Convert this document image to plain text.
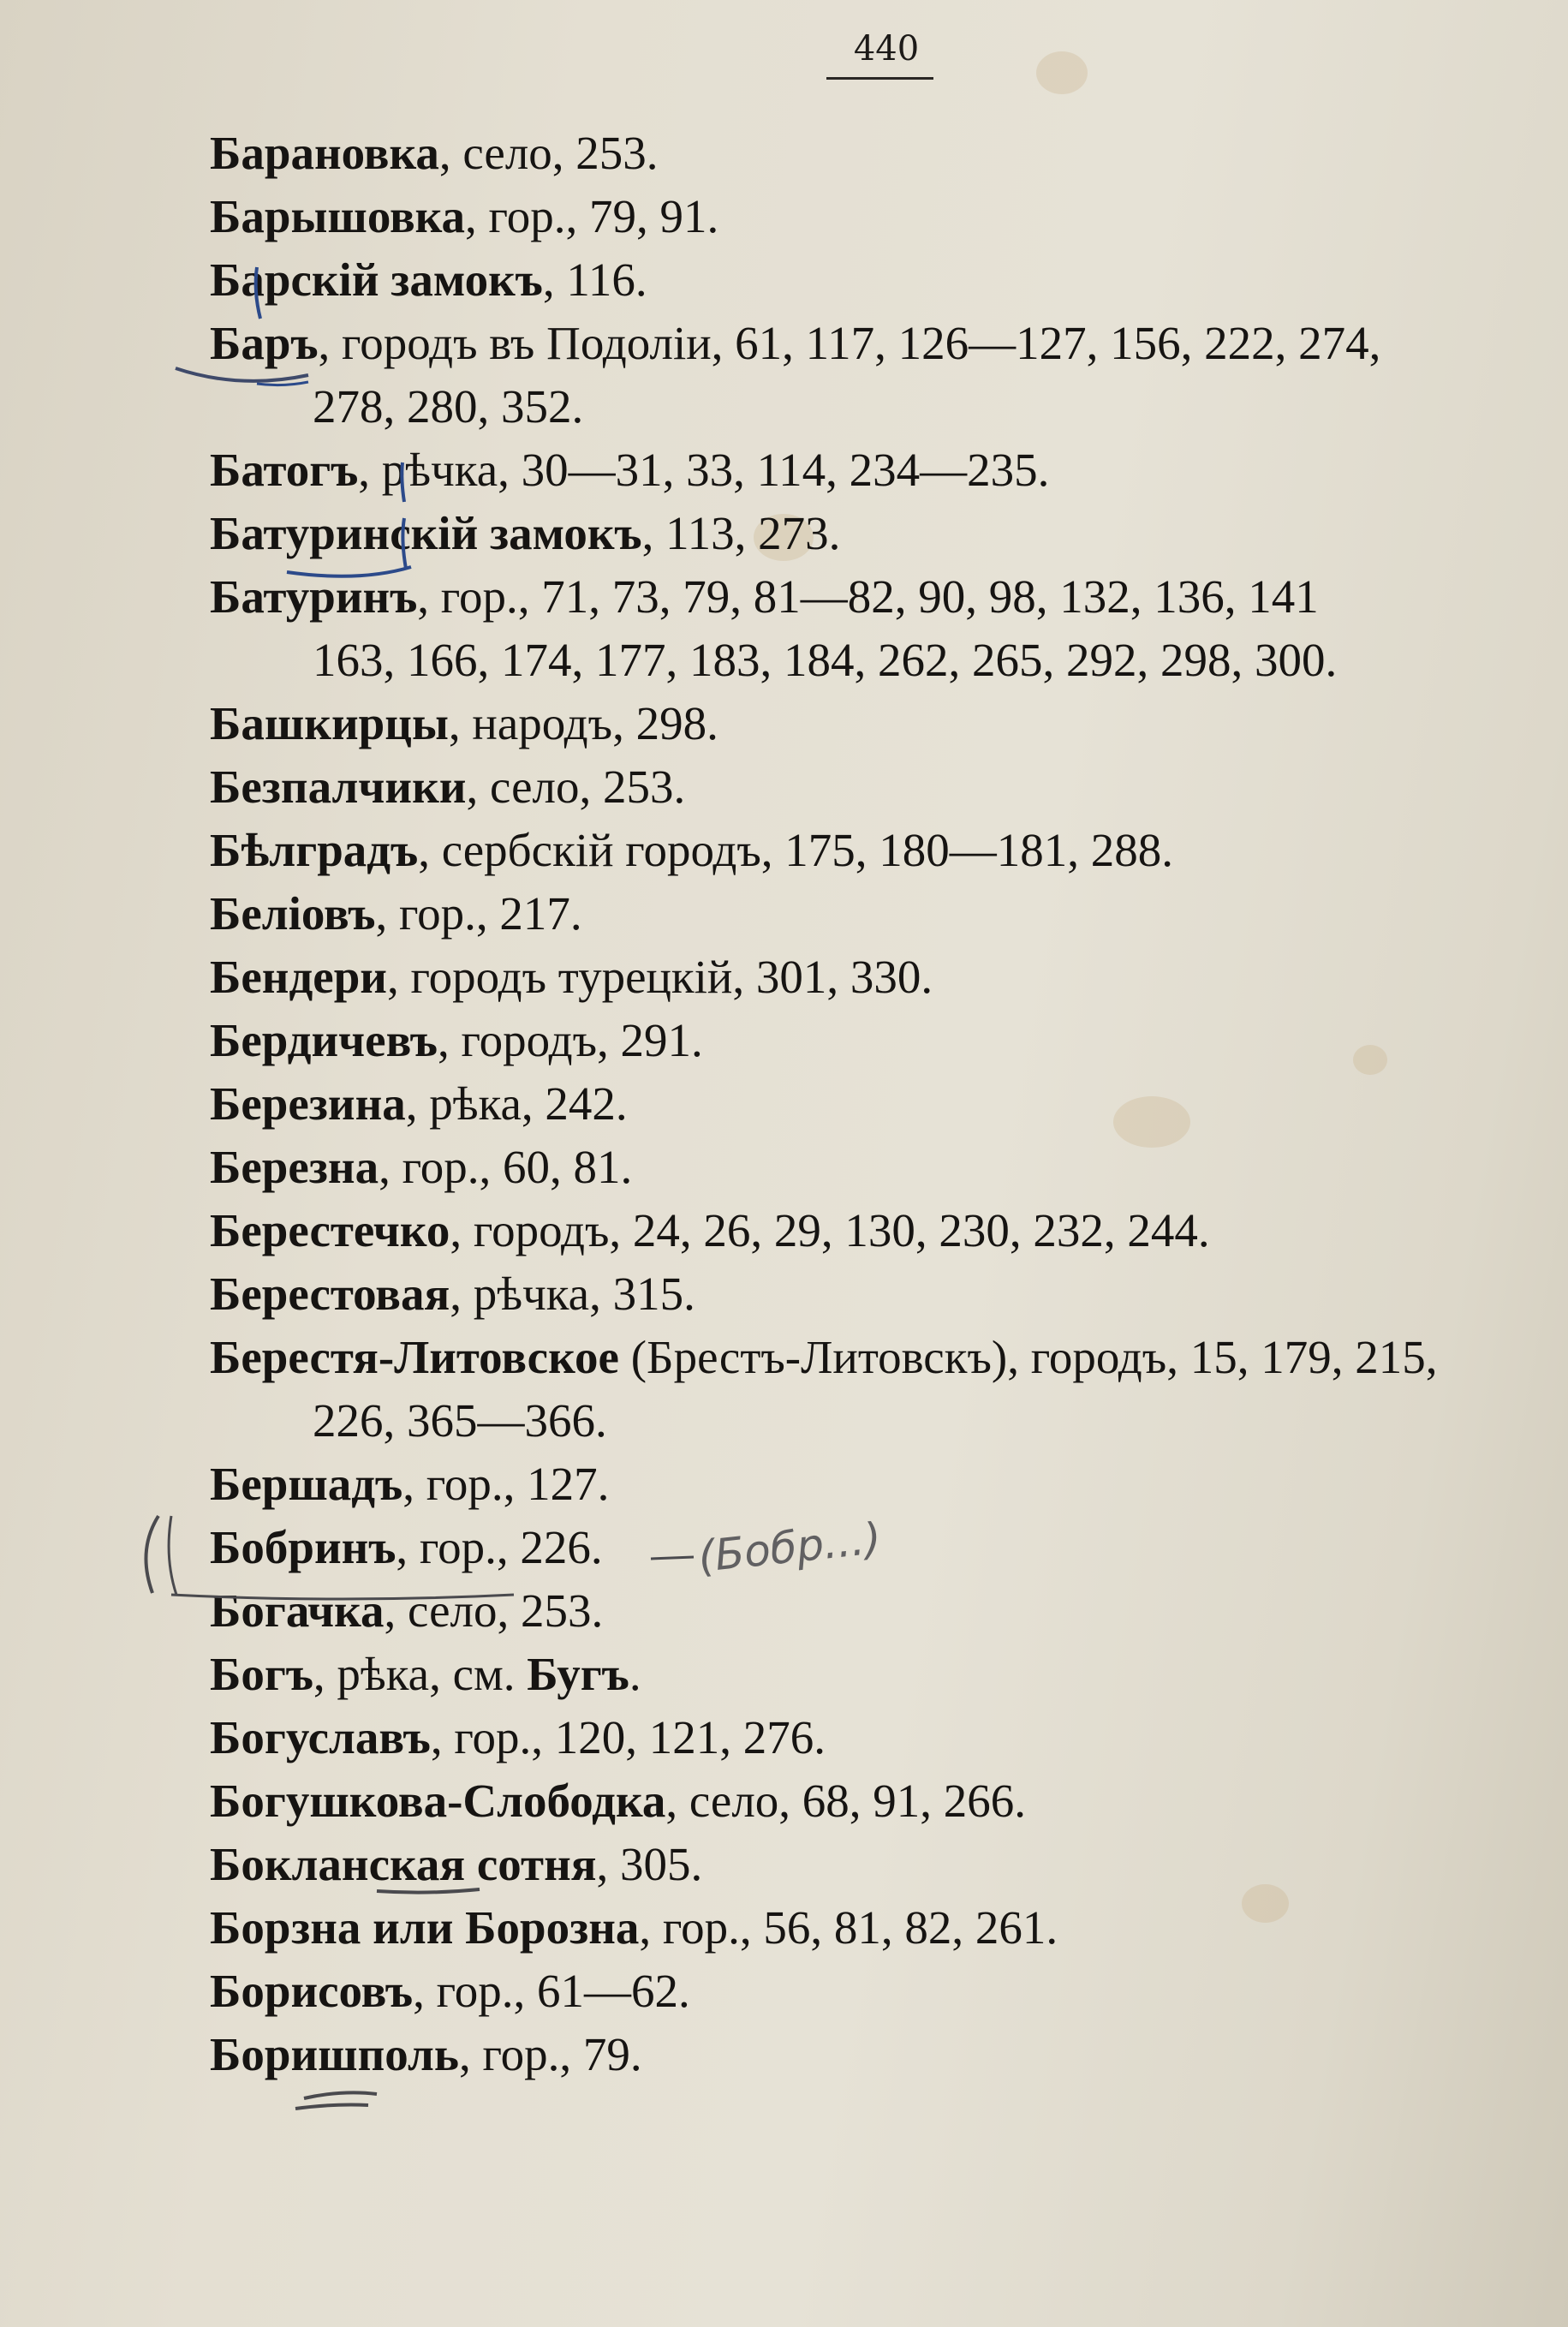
440
Барановка, село, 253.
Барышовка, гор., 79, 91.
Барскій замокъ, 116.
Баръ, городъ въ Подоліи, 61, 117, 126—127, 156, 222, 274,
278, 280, 352.
Батогъ, рѣчка, 30—31, 33, 114, 234—235.
Батуринскій замокъ, 113, 273.
Батуринъ, гор., 71, 73, 79, 81—82, 90, 98, 132, 136, 141
163, 166, 174, 177, 183, 184, 262, 265, 292, 298, 300.
Башкирцы, народъ, 298.
Безпалчики, село, 253.
Бѣлградъ, сербскій городъ, 175, 180—181, 288.
Беліовъ, гор., 217.
Бендери, городъ турецкій, 301, 330.
Бердичевъ, городъ, 291.
Березина, рѣка, 242.
Березна, гор., 60, 81.
Берестечко, городъ, 24, 26, 29, 130, 230, 232, 244.
Берестовая, рѣчка, 315.
Берестя-Литовское (Брестъ-Литовскъ), городъ, 15, 179, 215,
226, 365—366.
Бершадъ, гор., 127.
Бобринъ, гор., 226.
Богачка, село, 253.
Богъ, рѣка, см. Бугъ.
Богуславъ, гор., 120, 121, 276.
Богушкова-Слободка, село, 68, 91, 266.
Бокланская сотня, 305.
Борзна или Борозна, гор., 56, 81, 82, 261.
Борисовъ, гор., 61—62.
Боришполь, гор., 79.
(Бобр...)
